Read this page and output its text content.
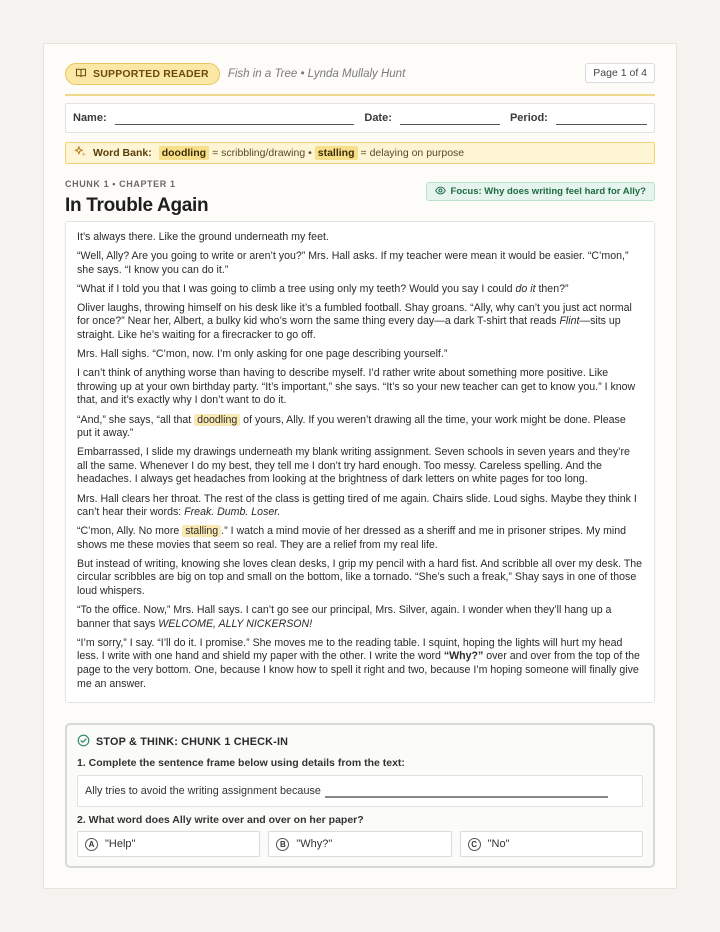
SUPPORTED READER Fish in a Tree • Lynda Mullaly Hunt	Page 1 of 4
Name:	Date:	Period:
Word Bank: doodling = scribbling/drawing • stalling = delaying on purpose
CHUNK 1 • CHAPTER 1
In Trouble Again
Focus: Why does writing feel hard for Ally?

It’s always there. Like the ground underneath my feet.

“Well, Ally? Are you going to write or aren’t you?” Mrs. Hall asks. If my teacher were mean it would be easier. “C’mon,” she says. “I know you can do it.”

“What if I told you that I was going to climb a tree using only my teeth? Would you say I could do it then?”

Oliver laughs, throwing himself on his desk like it’s a fumbled football. Shay groans. “Ally, why can’t you just act normal for once?” Near her, Albert, a bulky kid who’s worn the same thing every day—a dark T-shirt that reads Flint—sits up straight. Like he’s waiting for a firecracker to go off.

Mrs. Hall sighs. “C’mon, now. I’m only asking for one page describing yourself.”

I can’t think of anything worse than having to describe myself. I’d rather write about something more positive. Like throwing up at your own birthday party. “It’s important,” she says. “It’s so your new teacher can get to know you.” I know that, and it’s exactly why I don’t want to do it.

“And,” she says, “all that doodling of yours, Ally. If you weren’t drawing all the time, your work might be done. Please put it away.”

Embarrassed, I slide my drawings underneath my blank writing assignment. Seven schools in seven years and they’re all the same. Whenever I do my best, they tell me I don’t try hard enough. Too messy. Careless spelling. And the headaches. I always get headaches from looking at the brightness of dark letters on white pages for too long.

Mrs. Hall clears her throat. The rest of the class is getting tired of me again. Chairs slide. Loud sighs. Maybe they think I can’t hear their words: Freak. Dumb. Loser.

“C’mon, Ally. No more stalling .” I watch a mind movie of her dressed as a sheriff and me in prisoner stripes. My mind shows me these movies that seem so real. They are a relief from my real life.

But instead of writing, knowing she loves clean desks, I grip my pencil with a hard fist. And scribble all over my desk. The circular scribbles are big on top and small on the bottom, like a tornado. “She’s such a freak,” Shay says in one of those loud whispers.

“To the office. Now,” Mrs. Hall says. I can’t go see our principal, Mrs. Silver, again. I wonder when they’ll hang up a banner that says WELCOME, ALLY NICKERSON!

“I’m sorry,” I say. “I’ll do it. I promise.” She moves me to the reading table. I squint, hoping the lights will hurt my head less. I write with one hand and shield my paper with the other. I write the word “Why?” over and over from the top of the page to the very bottom. One, because I know how to spell it right and two, because I’m hoping someone will finally give me an answer.

STOP & THINK: CHUNK 1 CHECK-IN
1. Complete the sentence frame below using details from the text:
Ally tries to avoid the writing assignment because
2. What word does Ally write over and over on her paper?
A "Help"	B "Why?"	C "No"
